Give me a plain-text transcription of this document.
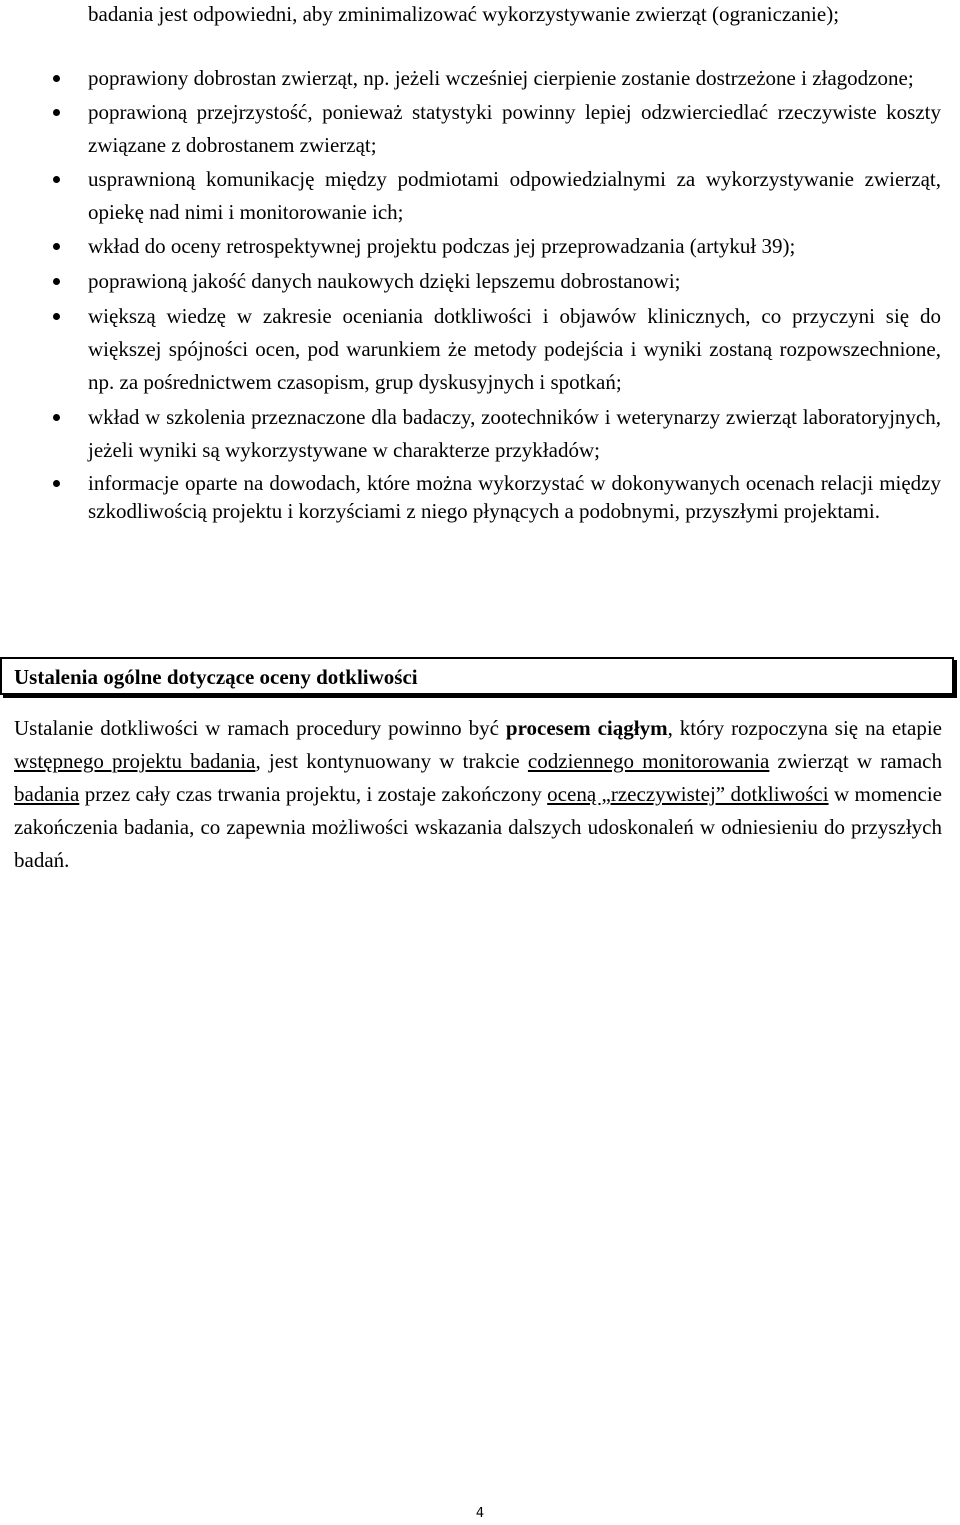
badania jest odpowiedni, aby zminimalizować wykorzystywanie zwierząt (ograniczanie);
poprawiony dobrostan zwierząt, np. jeżeli wcześniej cierpienie zostanie dostrzeżone i złagodzone;
poprawioną przejrzystość, ponieważ statystyki powinny lepiej odzwierciedlać rzeczywiste koszty związane z dobrostanem zwierząt;
usprawnioną komunikację między podmiotami odpowiedzialnymi za wykorzystywanie zwierząt, opiekę nad nimi i monitorowanie ich;
wkład do oceny retrospektywnej projektu podczas jej przeprowadzania (artykuł 39);
poprawioną jakość danych naukowych dzięki lepszemu dobrostanowi;
większą wiedzę w zakresie oceniania dotkliwości i objawów klinicznych, co przyczyni się do większej spójności ocen, pod warunkiem że metody podejścia i wyniki zostaną rozpowszechnione, np. za pośrednictwem czasopism, grup dyskusyjnych i spotkań;
wkład w szkolenia przeznaczone dla badaczy, zootechników i weterynarzy zwierząt laboratoryjnych, jeżeli wyniki są wykorzystywane w charakterze przykładów;
informacje oparte na dowodach, które można wykorzystać w dokonywanych ocenach relacji między szkodliwością projektu i korzyściami z niego płynących a podobnymi, przyszłymi projektami.
Ustalenia ogólne dotyczące oceny dotkliwości

Ustalanie dotkliwości w ramach procedury powinno być procesem ciągłym, który rozpoczyna się na etapie wstępnego projektu badania, jest kontynuowany w trakcie codziennego monitorowania zwierząt w ramach badania przez cały czas trwania projektu, i zostaje zakończony oceną „rzeczywistej” dotkliwości w momencie zakończenia badania, co zapewnia możliwości wskazania dalszych udoskonaleń w odniesieniu do przyszłych badań.

4
